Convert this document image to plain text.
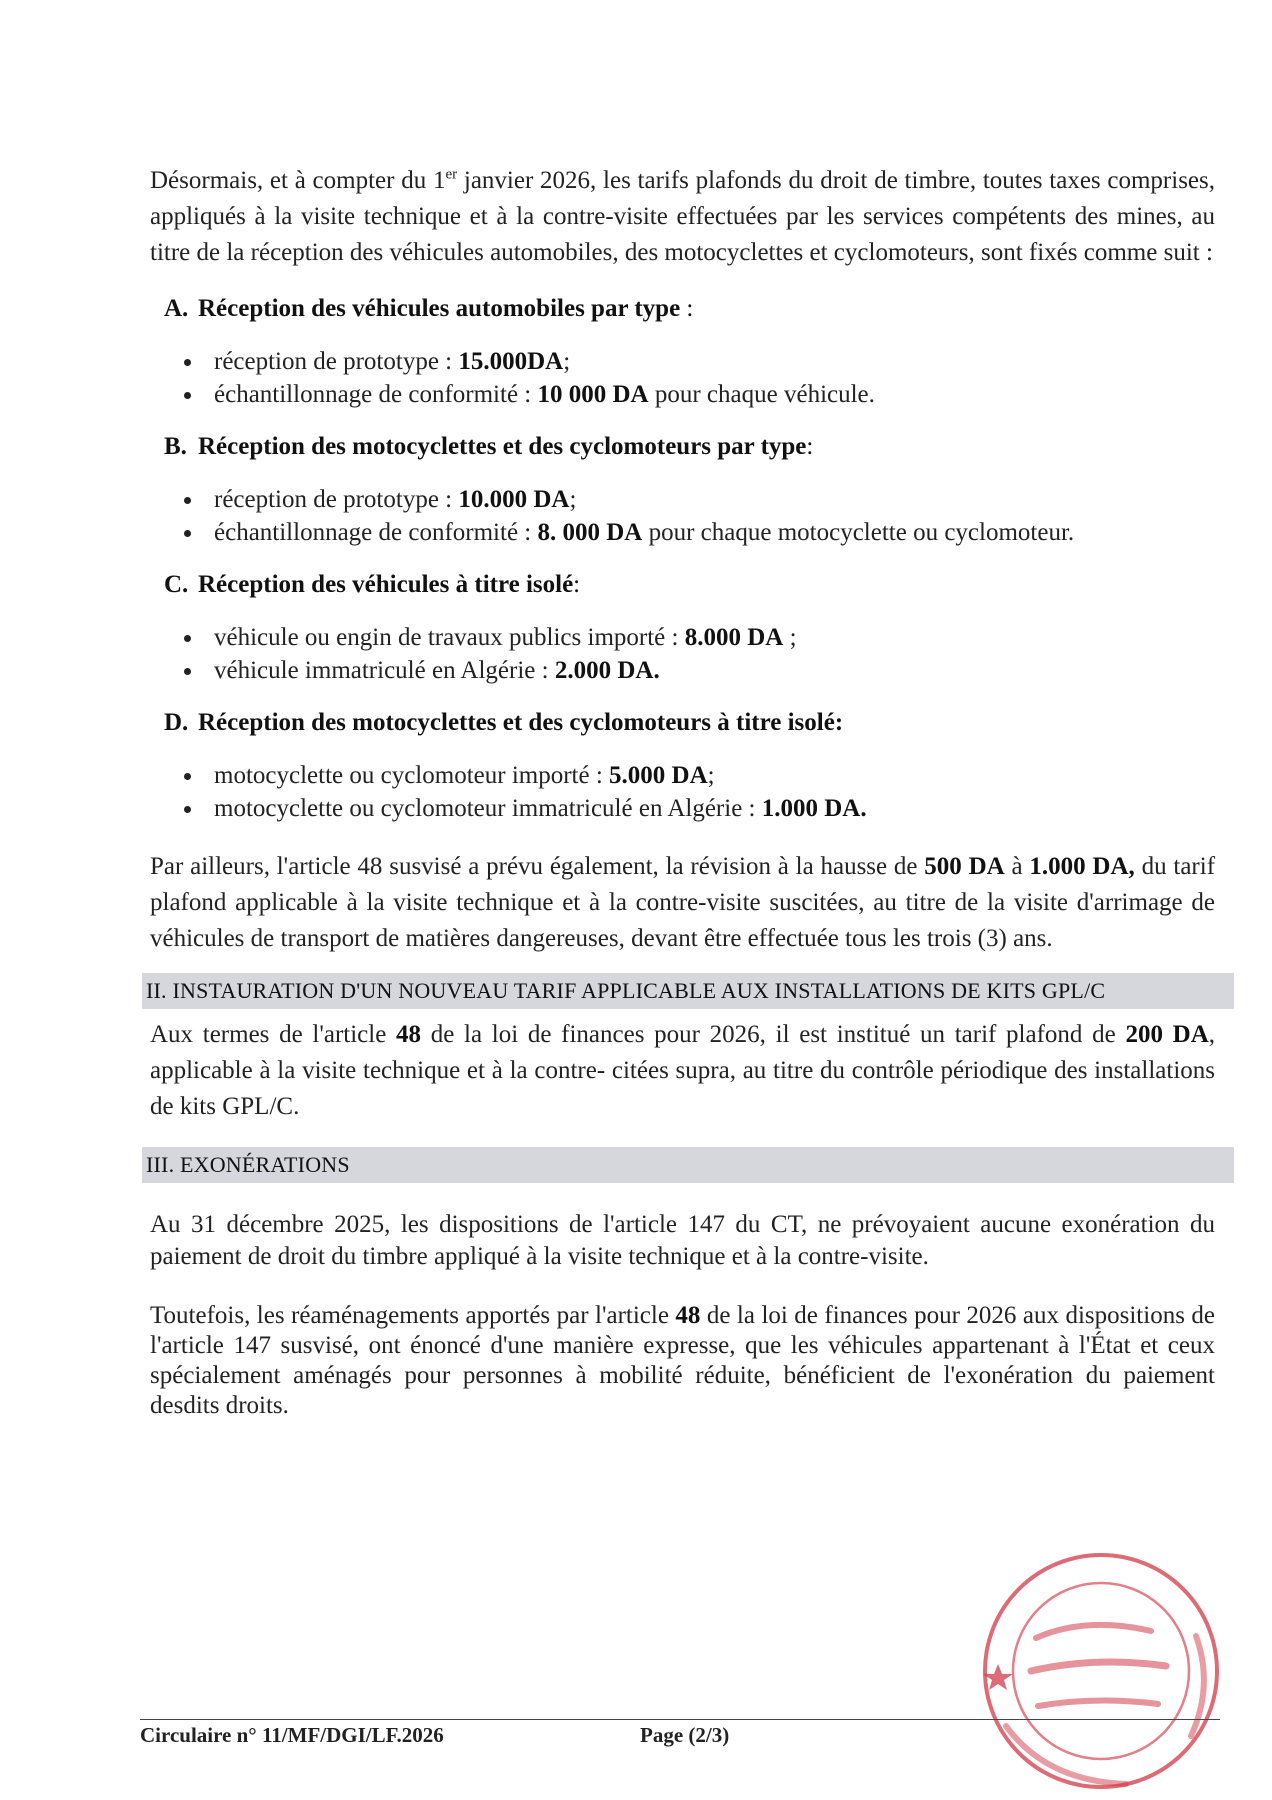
Désormais, et à compter du 1er janvier 2026, les tarifs plafonds du droit de timbre, toutes taxes comprises, appliqués à la visite technique et à la contre-visite effectuées par les services compétents des mines, au titre de la réception des véhicules automobiles, des motocyclettes et cyclomoteurs, sont fixés comme suit :

A. Réception des véhicules automobiles par type :

réception de prototype : 15.000DA;
échantillonnage de conformité : 10 000 DA pour chaque véhicule.

B. Réception des motocyclettes et des cyclomoteurs par type:

réception de prototype : 10.000 DA;
échantillonnage de conformité : 8. 000 DA pour chaque motocyclette ou cyclomoteur.

C. Réception des véhicules à titre isolé:

véhicule ou engin de travaux publics importé : 8.000 DA ;
véhicule immatriculé en Algérie : 2.000 DA.

D. Réception des motocyclettes et des cyclomoteurs à titre isolé:

motocyclette ou cyclomoteur importé : 5.000 DA;
motocyclette ou cyclomoteur immatriculé en Algérie : 1.000 DA.

Par ailleurs, l'article 48 susvisé a prévu également, la révision à la hausse de 500 DA à 1.000 DA, du tarif plafond applicable à la visite technique et à la contre-visite suscitées, au titre de la visite d'arrimage de véhicules de transport de matières dangereuses, devant être effectuée tous les trois (3) ans.

II. INSTAURATION D'UN NOUVEAU TARIF APPLICABLE AUX INSTALLATIONS DE KITS GPL/C

Aux termes de l'article 48 de la loi de finances pour 2026, il est institué un tarif plafond de 200 DA, applicable à la visite technique et à la contre- citées supra, au titre du contrôle périodique des installations de kits GPL/C.

III. EXONÉRATIONS

Au 31 décembre 2025, les dispositions de l'article 147 du CT, ne prévoyaient aucune exonération du paiement de droit du timbre appliqué à la visite technique et à la contre-visite.

Toutefois, les réaménagements apportés par l'article 48 de la loi de finances pour 2026 aux dispositions de l'article 147 susvisé, ont énoncé d'une manière expresse, que les véhicules appartenant à l'État et ceux spécialement aménagés pour personnes à mobilité réduite, bénéficient de l'exonération du paiement desdits droits.

Circulaire n° 11/MF/DGI/LF.2026	Page (2/3)
